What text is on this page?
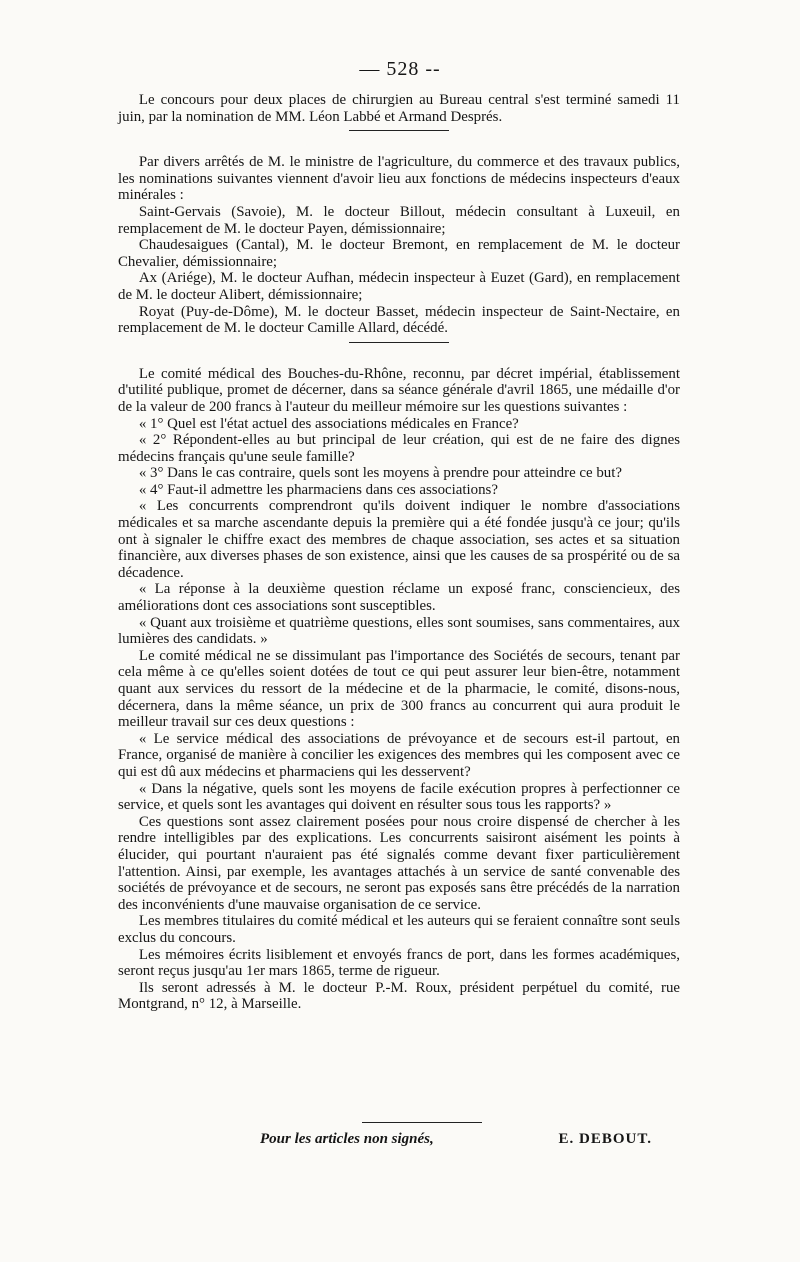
— 528 --

Le concours pour deux places de chirurgien au Bureau central s'est terminé samedi 11 juin, par la nomination de MM. Léon Labbé et Armand Després.

Par divers arrêtés de M. le ministre de l'agriculture, du commerce et des travaux publics, les nominations suivantes viennent d'avoir lieu aux fonctions de médecins inspecteurs d'eaux minérales :

Saint-Gervais (Savoie), M. le docteur Billout, médecin consultant à Luxeuil, en remplacement de M. le docteur Payen, démissionnaire;

Chaudesaigues (Cantal), M. le docteur Bremont, en remplacement de M. le docteur Chevalier, démissionnaire;

Ax (Ariége), M. le docteur Aufhan, médecin inspecteur à Euzet (Gard), en remplacement de M. le docteur Alibert, démissionnaire;

Royat (Puy-de-Dôme), M. le docteur Basset, médecin inspecteur de Saint-Nectaire, en remplacement de M. le docteur Camille Allard, décédé.

Le comité médical des Bouches-du-Rhône, reconnu, par décret impérial, établissement d'utilité publique, promet de décerner, dans sa séance générale d'avril 1865, une médaille d'or de la valeur de 200 francs à l'auteur du meilleur mémoire sur les questions suivantes :

« 1° Quel est l'état actuel des associations médicales en France?

« 2° Répondent-elles au but principal de leur création, qui est de ne faire des dignes médecins français qu'une seule famille?

« 3° Dans le cas contraire, quels sont les moyens à prendre pour atteindre ce but?

« 4° Faut-il admettre les pharmaciens dans ces associations?

« Les concurrents comprendront qu'ils doivent indiquer le nombre d'associations médicales et sa marche ascendante depuis la première qui a été fondée jusqu'à ce jour; qu'ils ont à signaler le chiffre exact des membres de chaque association, ses actes et sa situation financière, aux diverses phases de son existence, ainsi que les causes de sa prospérité ou de sa décadence.

« La réponse à la deuxième question réclame un exposé franc, consciencieux, des améliorations dont ces associations sont susceptibles.

« Quant aux troisième et quatrième questions, elles sont soumises, sans commentaires, aux lumières des candidats. »

Le comité médical ne se dissimulant pas l'importance des Sociétés de secours, tenant par cela même à ce qu'elles soient dotées de tout ce qui peut assurer leur bien-être, notamment quant aux services du ressort de la médecine et de la pharmacie, le comité, disons-nous, décernera, dans la même séance, un prix de 300 francs au concurrent qui aura produit le meilleur travail sur ces deux questions :

« Le service médical des associations de prévoyance et de secours est-il partout, en France, organisé de manière à concilier les exigences des membres qui les composent avec ce qui est dû aux médecins et pharmaciens qui les desservent?

« Dans la négative, quels sont les moyens de facile exécution propres à perfectionner ce service, et quels sont les avantages qui doivent en résulter sous tous les rapports? »

Ces questions sont assez clairement posées pour nous croire dispensé de chercher à les rendre intelligibles par des explications. Les concurrents saisiront aisément les points à élucider, qui pourtant n'auraient pas été signalés comme devant fixer particulièrement l'attention. Ainsi, par exemple, les avantages attachés à un service de santé convenable des sociétés de prévoyance et de secours, ne seront pas exposés sans être précédés de la narration des inconvénients d'une mauvaise organisation de ce service.

Les membres titulaires du comité médical et les auteurs qui se feraient connaître sont seuls exclus du concours.

Les mémoires écrits lisiblement et envoyés francs de port, dans les formes académiques, seront reçus jusqu'au 1er mars 1865, terme de rigueur.

Ils seront adressés à M. le docteur P.-M. Roux, président perpétuel du comité, rue Montgrand, n° 12, à Marseille.

Pour les articles non signés,	E. DEBOUT.
